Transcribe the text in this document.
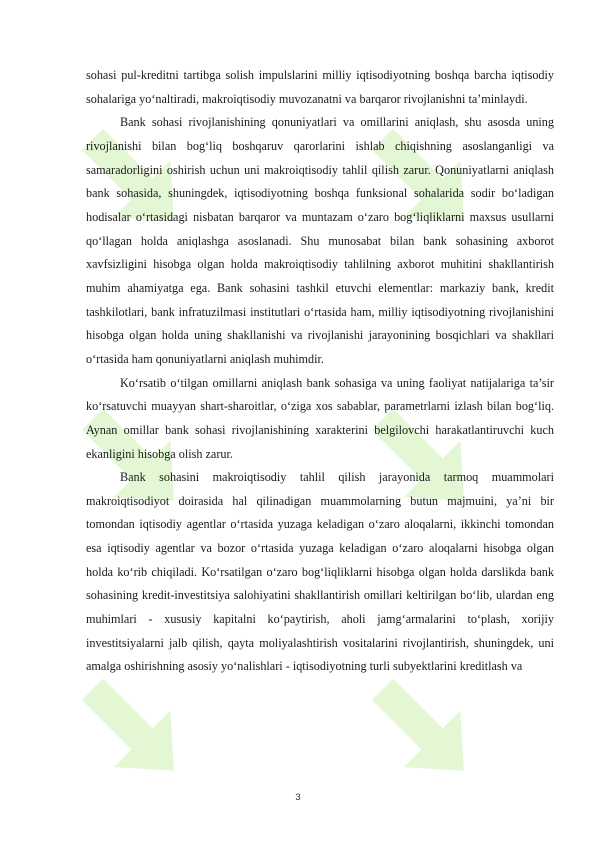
sohasi pul-kreditni tartibga solish impulslarini milliy iqtisodiyotning boshqa barcha iqtisodiy sohalariga yo‘naltiradi, makroiqtisodiy muvozanatni va barqaror rivojlanishni ta’minlaydi.

Bank sohasi rivojlanishining qonuniyatlari va omillarini aniqlash, shu asosda uning rivojlanishi bilan bog‘liq boshqaruv qarorlarini ishlab chiqishning asoslanganligi va samaradorligini oshirish uchun uni makroiqtisodiy tahlil qilish zarur. Qonuniyatlarni aniqlash bank sohasida, shuningdek, iqtisodiyotning boshqa funksional sohalarida sodir bo‘ladigan hodisalar o‘rtasidagi nisbatan barqaror va muntazam o‘zaro bog‘liqliklarni maxsus usullarni qo‘llagan holda aniqlashga asoslanadi. Shu munosabat bilan bank sohasining axborot xavfsizligini hisobga olgan holda makroiqtisodiy tahlilning axborot muhitini shakllantirish muhim ahamiyatga ega. Bank sohasini tashkil etuvchi elementlar: markaziy bank, kredit tashkilotlari, bank infratuzilmasi institutlari o‘rtasida ham, milliy iqtisodiyotning rivojlanishini hisobga olgan holda uning shakllanishi va rivojlanishi jarayonining bosqichlari va shakllari o‘rtasida ham qonuniyatlarni aniqlash muhimdir.

Ko‘rsatib o‘tilgan omillarni aniqlash bank sohasiga va uning faoliyat natijalariga ta’sir ko‘rsatuvchi muayyan shart-sharoitlar, o‘ziga xos sabablar, parametrlarni izlash bilan bog‘liq. Aynan omillar bank sohasi rivojlanishining xarakterini belgilovchi harakatlantiruvchi kuch ekanligini hisobga olish zarur.

Bank sohasini makroiqtisodiy tahlil qilish jarayonida tarmoq muammolari makroiqtisodiyot doirasida hal qilinadigan muammolarning butun majmuini, ya’ni bir tomondan iqtisodiy agentlar o‘rtasida yuzaga keladigan o‘zaro aloqalarni, ikkinchi tomondan esa iqtisodiy agentlar va bozor o‘rtasida yuzaga keladigan o‘zaro aloqalarni hisobga olgan holda ko‘rib chiqiladi. Ko‘rsatilgan o‘zaro bog‘liqliklarni hisobga olgan holda darslikda bank sohasining kredit-investitsiya salohiyatini shakllantirish omillari keltirilgan bo‘lib, ulardan eng muhimlari - xususiy kapitalni ko‘paytirish, aholi jamg‘armalarini to‘plash, xorijiy investitsiyalarni jalb qilish, qayta moliyalashtirish vositalarini rivojlantirish, shuningdek, uni amalga oshirishning asosiy yo‘nalishlari - iqtisodiyotning turli subyektlarini kreditlash va

3
